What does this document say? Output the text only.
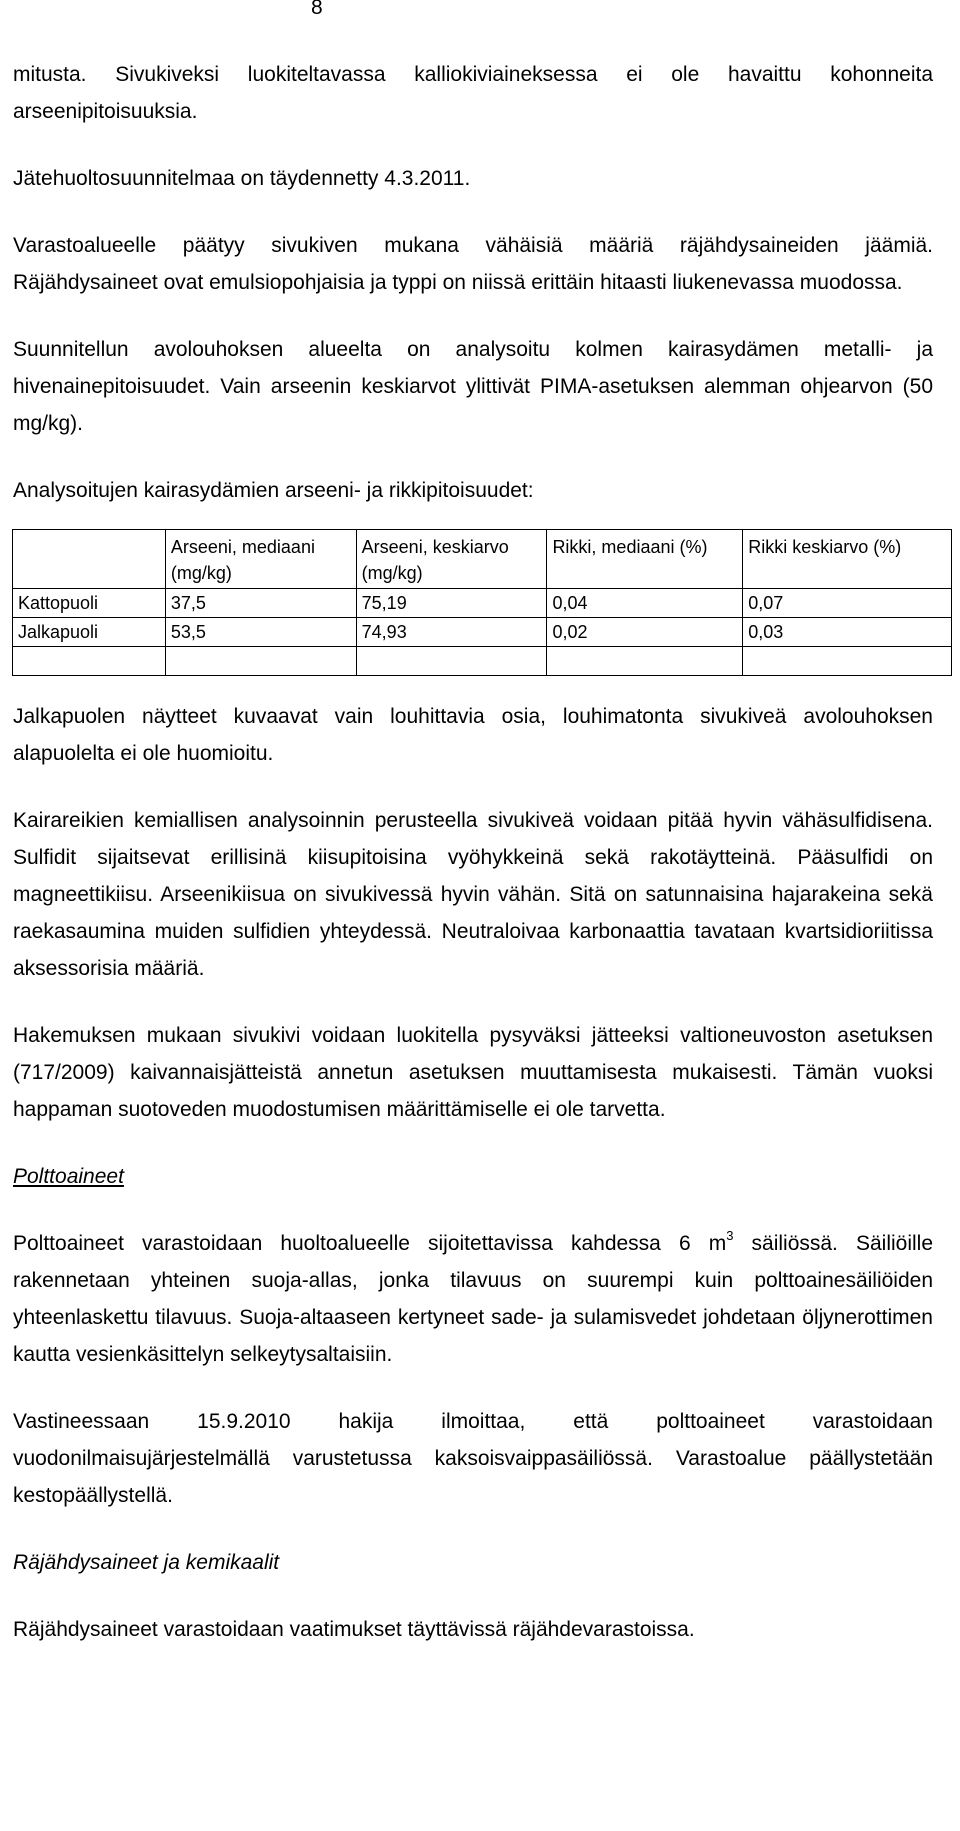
8

mitusta. Sivukiveksi luokiteltavassa kalliokiviaineksessa ei ole havaittu kohonneita arseenipitoisuuksia.

Jätehuoltosuunnitelmaa on täydennetty 4.3.2011.

Varastoalueelle päätyy sivukiven mukana vähäisiä määriä räjähdysaineiden jäämiä. Räjähdysaineet ovat emulsiopohjaisia ja typpi on niissä erittäin hitaasti liukenevassa muodossa.

Suunnitellun avolouhoksen alueelta on analysoitu kolmen kairasydämen metalli- ja hivenainepitoisuudet. Vain arseenin keskiarvot ylittivät PIMA-asetuksen alemman ohjearvon (50 mg/kg).

Analysoitujen kairasydämien arseeni- ja rikkipitoisuudet:

	Arseeni, mediaani (mg/kg)	Arseeni, keskiarvo (mg/kg)	Rikki, mediaani (%)	Rikki keskiarvo (%)
Kattopuoli	37,5	75,19	0,04	0,07
Jalkapuoli	53,5	74,93	0,02	0,03

Jalkapuolen näytteet kuvaavat vain louhittavia osia, louhimatonta sivukiveä avolouhoksen alapuolelta ei ole huomioitu.

Kairareikien kemiallisen analysoinnin perusteella sivukiveä voidaan pitää hyvin vähäsulfidisena. Sulfidit sijaitsevat erillisinä kiisupitoisina vyöhykkeinä sekä rakotäytteinä. Pääsulfidi on magneettikiisu. Arseenikiisua on sivukivessä hyvin vähän. Sitä on satunnaisina hajarakeina sekä raekasaumina muiden sulfidien yhteydessä. Neutraloivaa karbonaattia tavataan kvartsidioriitissa aksessorisia määriä.

Hakemuksen mukaan sivukivi voidaan luokitella pysyväksi jätteeksi valtioneuvoston asetuksen (717/2009) kaivannaisjätteistä annetun asetuksen muuttamisesta mukaisesti. Tämän vuoksi happaman suotoveden muodostumisen määrittämiselle ei ole tarvetta.

Polttoaineet

Polttoaineet varastoidaan huoltoalueelle sijoitettavissa kahdessa 6 $m^3$ säiliössä. Säiliöille rakennetaan yhteinen suoja-allas, jonka tilavuus on suurempi kuin polttoainesäiliöiden yhteenlaskettu tilavuus. Suoja-altaaseen kertyneet sade- ja sulamisvedet johdetaan öljynerottimen kautta vesienkäsittelyn selkeytysaltaisiin.

Vastineessaan 15.9.2010 hakija ilmoittaa, että polttoaineet varastoidaan vuodonilmaisujärjestelmällä varustetussa kaksoisvaippasäiliössä. Varastoalue päällystetään kestopäällystellä.

Räjähdysaineet ja kemikaalit

Räjähdysaineet varastoidaan vaatimukset täyttävissä räjähdevarastoissa.
